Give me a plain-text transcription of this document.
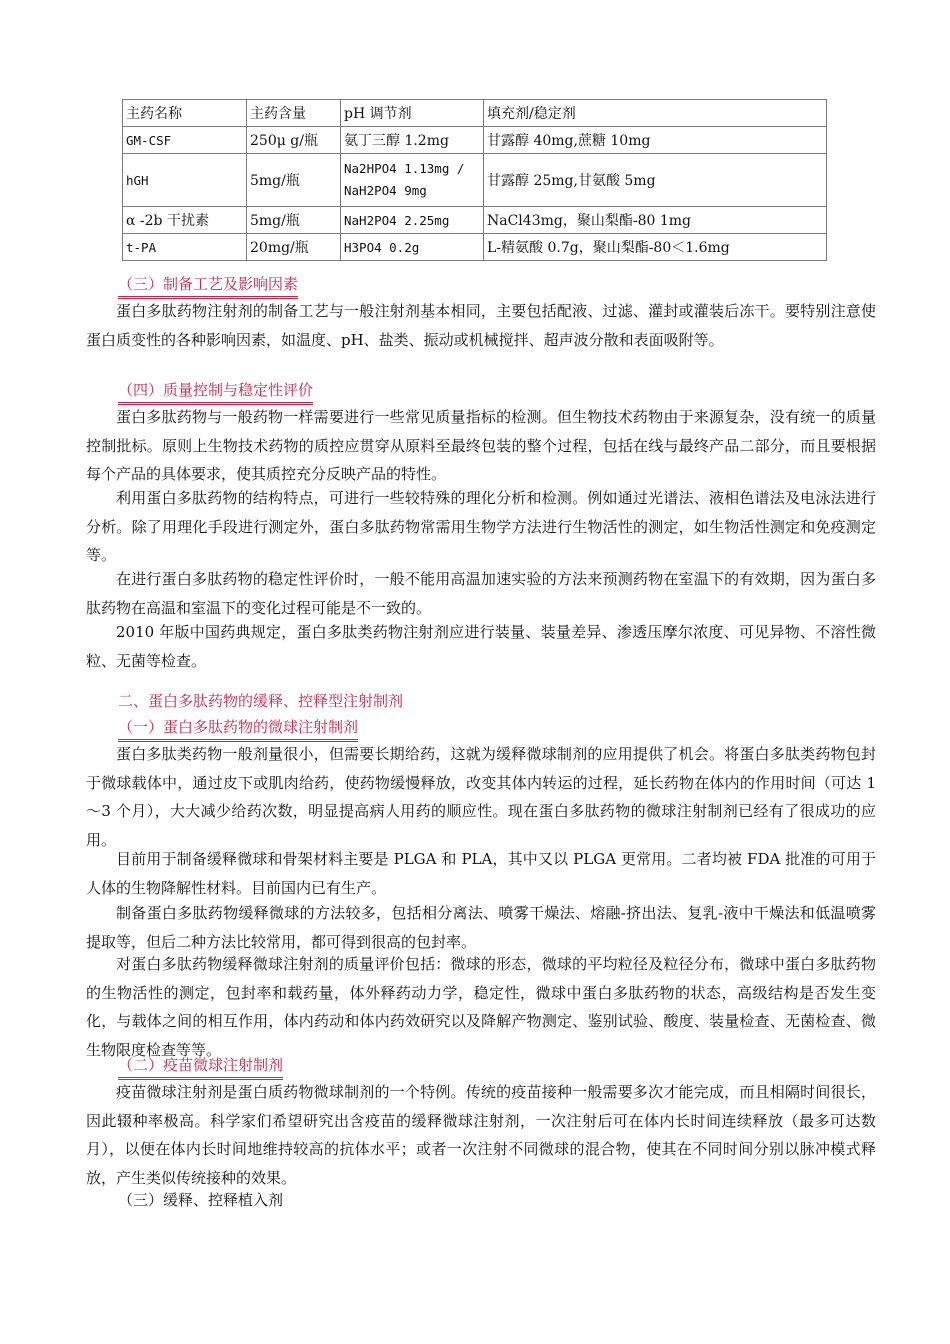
主药名称	主药含量	pH 调节剂	填充剂/稳定剂
GM-CSF	250μ g/瓶	氨丁三醇 1.2mg	甘露醇 40mg,蔗糖 10mg
hGH	5mg/瓶	Na2HPO4 1.13mg / NaH2PO4 9mg	甘露醇 25mg,甘氨酸 5mg
α -2b 干扰素	5mg/瓶	NaH2PO4 2.25mg	NaCl43mg，聚山梨酯-80 1mg
t-PA	20mg/瓶	H3PO4 0.2g	L-精氨酸 0.7g，聚山梨酯-80＜1.6mg
（三）制备工艺及影响因素
蛋白多肽药物注射剂的制备工艺与一般注射剂基本相同，主要包括配液、过滤、灌封或灌装后冻干。要特别注意使蛋白质变性的各种影响因素，如温度、pH、盐类、振动或机械搅拌、超声波分散和表面吸附等。
（四）质量控制与稳定性评价
蛋白多肽药物与一般药物一样需要进行一些常见质量指标的检测。但生物技术药物由于来源复杂，没有统一的质量控制批标。原则上生物技术药物的质控应贯穿从原料至最终包装的整个过程，包括在线与最终产品二部分，而且要根据每个产品的具体要求，使其质控充分反映产品的特性。
利用蛋白多肽药物的结构特点，可进行一些较特殊的理化分析和检测。例如通过光谱法、液相色谱法及电泳法进行分析。除了用理化手段进行测定外，蛋白多肽药物常需用生物学方法进行生物活性的测定，如生物活性测定和免疫测定等。
在进行蛋白多肽药物的稳定性评价时，一般不能用高温加速实验的方法来预测药物在室温下的有效期，因为蛋白多肽药物在高温和室温下的变化过程可能是不一致的。
2010 年版中国药典规定，蛋白多肽类药物注射剂应进行装量、装量差异、渗透压摩尔浓度、可见异物、不溶性微粒、无菌等检查。
二、蛋白多肽药物的缓释、控释型注射制剂
（一）蛋白多肽药物的微球注射制剂
蛋白多肽类药物一般剂量很小，但需要长期给药，这就为缓释微球制剂的应用提供了机会。将蛋白多肽类药物包封于微球载体中，通过皮下或肌肉给药，使药物缓慢释放，改变其体内转运的过程，延长药物在体内的作用时间（可达 1～3 个月），大大减少给药次数，明显提高病人用药的顺应性。现在蛋白多肽药物的微球注射制剂已经有了很成功的应用。
目前用于制备缓释微球和骨架材料主要是 PLGA 和 PLA，其中又以 PLGA 更常用。二者均被 FDA 批准的可用于人体的生物降解性材料。目前国内已有生产。
制备蛋白多肽药物缓释微球的方法较多，包括相分离法、喷雾干燥法、熔融-挤出法、复乳-液中干燥法和低温喷雾提取等，但后二种方法比较常用，都可得到很高的包封率。
对蛋白多肽药物缓释微球注射剂的质量评价包括：微球的形态，微球的平均粒径及粒径分布，微球中蛋白多肽药物的生物活性的测定，包封率和载药量，体外释药动力学，稳定性，微球中蛋白多肽药物的状态，高级结构是否发生变化，与载体之间的相互作用，体内药动和体内药效研究以及降解产物测定、鉴别试验、酸度、装量检查、无菌检查、微生物限度检查等等。
（二）疫苗微球注射制剂
疫苗微球注射剂是蛋白质药物微球制剂的一个特例。传统的疫苗接种一般需要多次才能完成，而且相隔时间很长，因此辍种率极高。科学家们希望研究出含疫苗的缓释微球注射剂，一次注射后可在体内长时间连续释放（最多可达数月），以便在体内长时间地维持较高的抗体水平；或者一次注射不同微球的混合物，使其在不同时间分别以脉冲模式释放，产生类似传统接种的效果。
（三）缓释、控释植入剂
